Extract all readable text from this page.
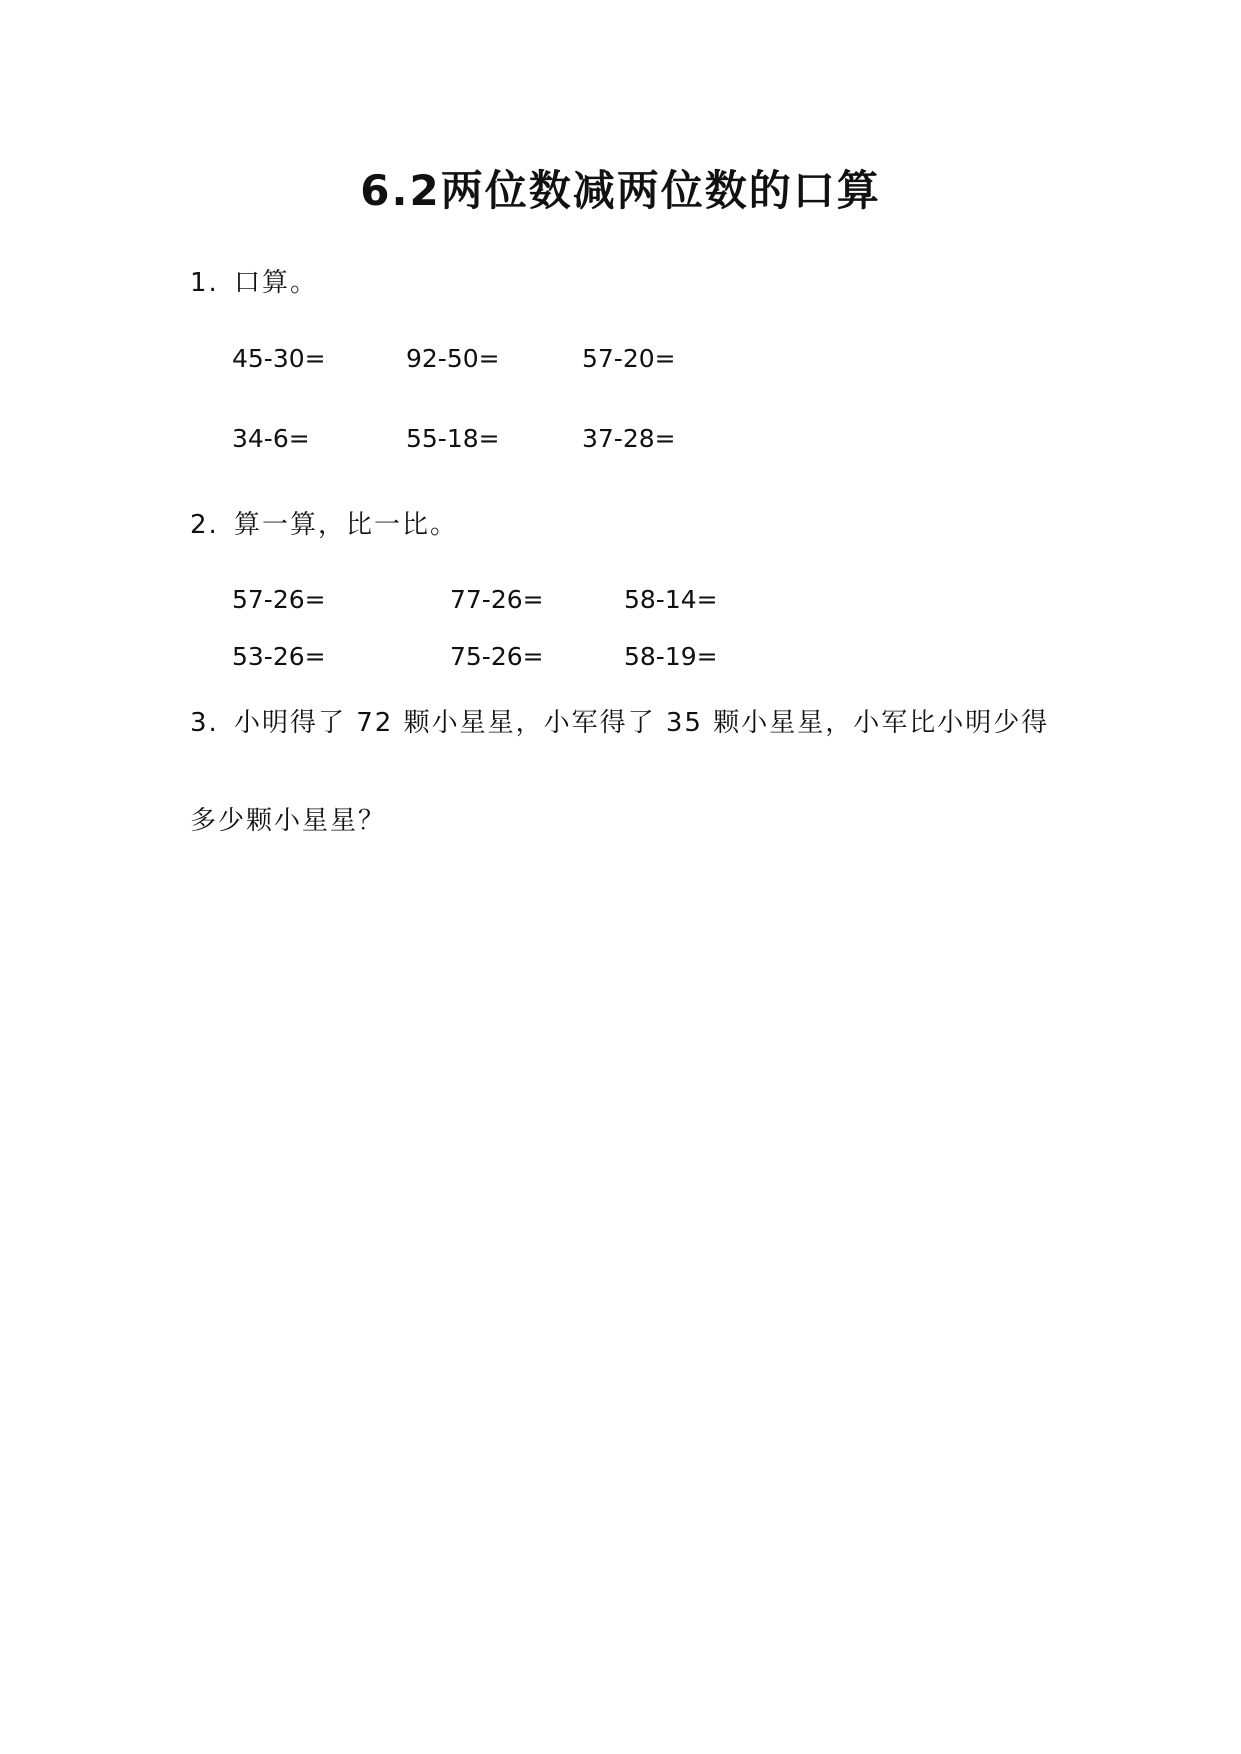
6.2两位数减两位数的口算
1. 口算。
45-30=	92-50=	57-20=
34-6=	55-18=	37-28=
2. 算一算，比一比。
57-26=	77-26=	58-14=
53-26=	75-26=	58-19=
3. 小明得了 72 颗小星星，小军得了 35 颗小星星，小军比小明少得
多少颗小星星？
